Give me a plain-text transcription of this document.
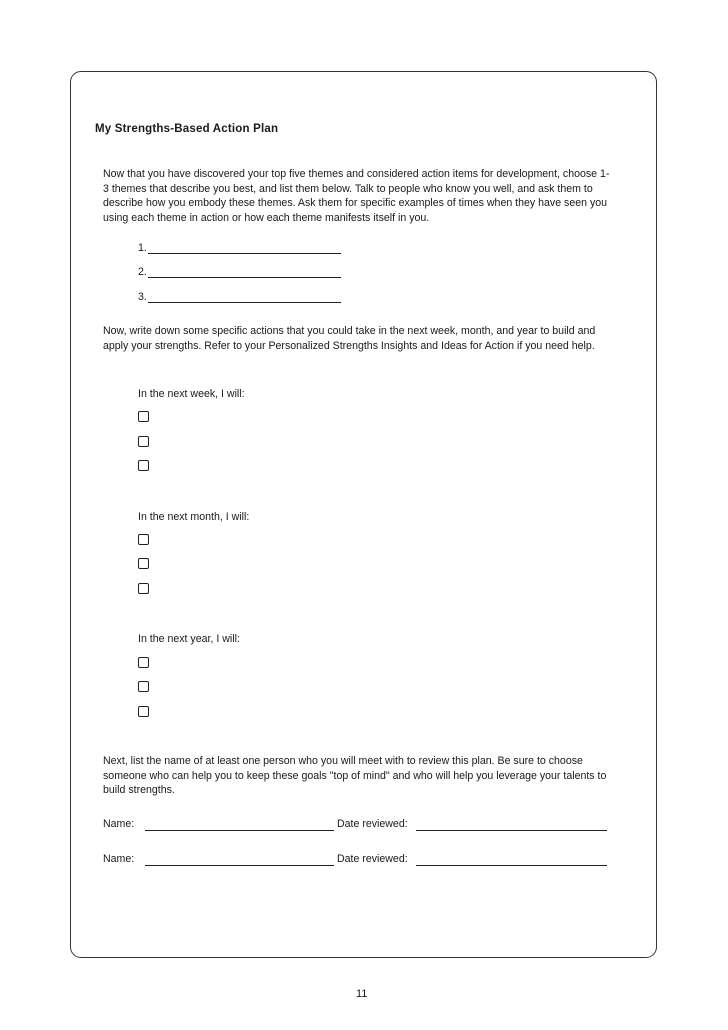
My Strengths-Based Action Plan

Now that you have discovered your top five themes and considered action items for development, choose 1-3 themes that describe you best, and list them below. Talk to people who know you well, and ask them to describe how you embody these themes. Ask them for specific examples of times when they have seen you using each theme in action or how each theme manifests itself in you.

1.
2.
3.

Now, write down some specific actions that you could take in the next week, month, and year to build and apply your strengths. Refer to your Personalized Strengths Insights and Ideas for Action if you need help.

In the next week, I will:
In the next month, I will:
In the next year, I will:

Next, list the name of at least one person who you will meet with to review this plan. Be sure to choose someone who can help you to keep these goals "top of mind" and who will help you leverage your talents to build strengths.

Name:	Date reviewed:
Name:	Date reviewed:
11
